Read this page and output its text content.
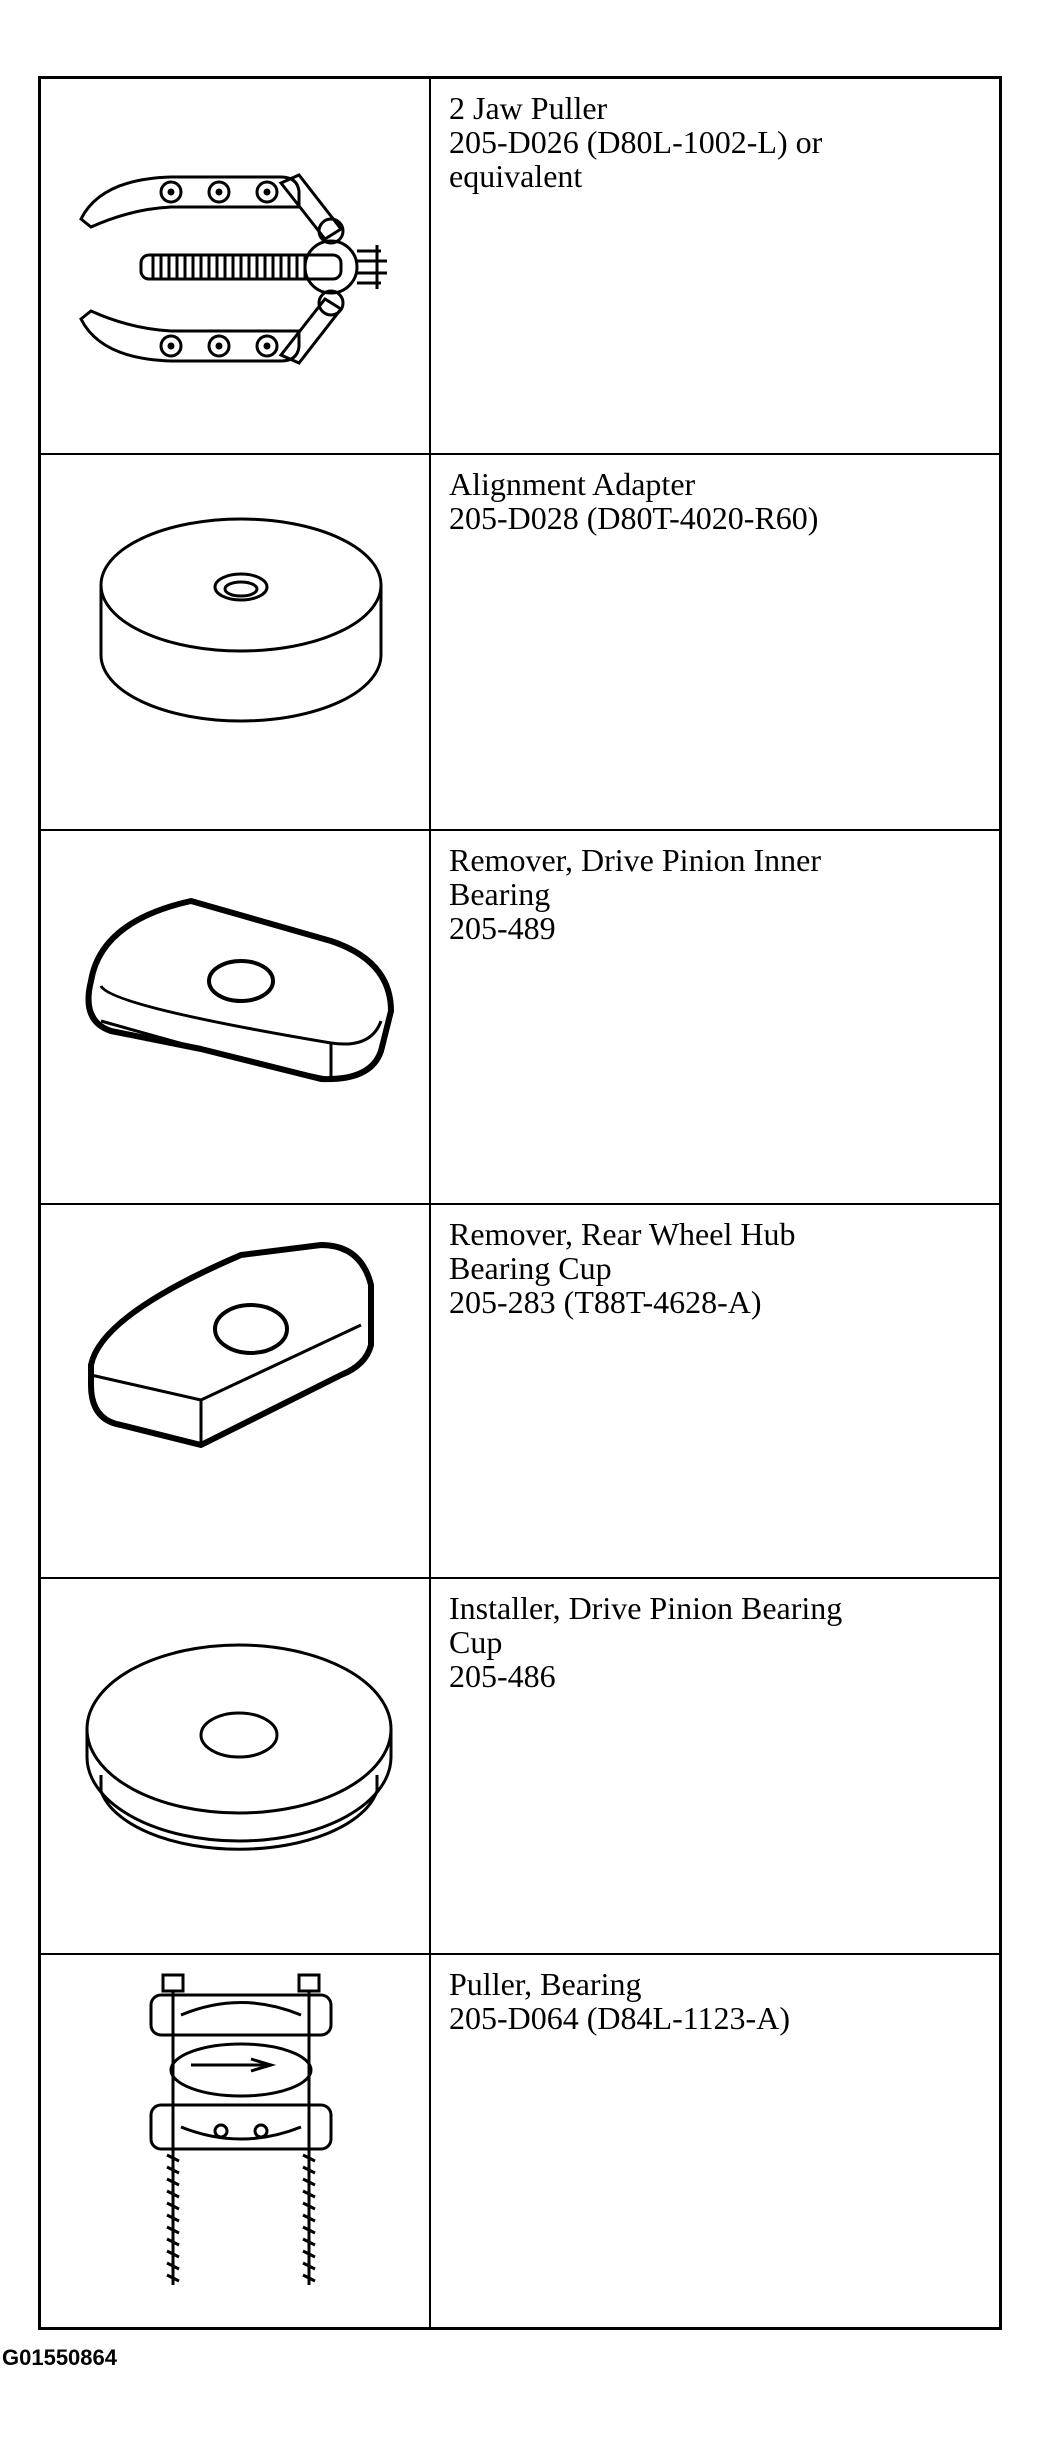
2 Jaw Puller
205-D026 (D80L-1002-L) or
equivalent
Alignment Adapter
205-D028 (D80T-4020-R60)
Remover, Drive Pinion Inner
Bearing
205-489
Remover, Rear Wheel Hub
Bearing Cup
205-283 (T88T-4628-A)
Installer, Drive Pinion Bearing
Cup
205-486
Puller, Bearing
205-D064 (D84L-1123-A)
G01550864
